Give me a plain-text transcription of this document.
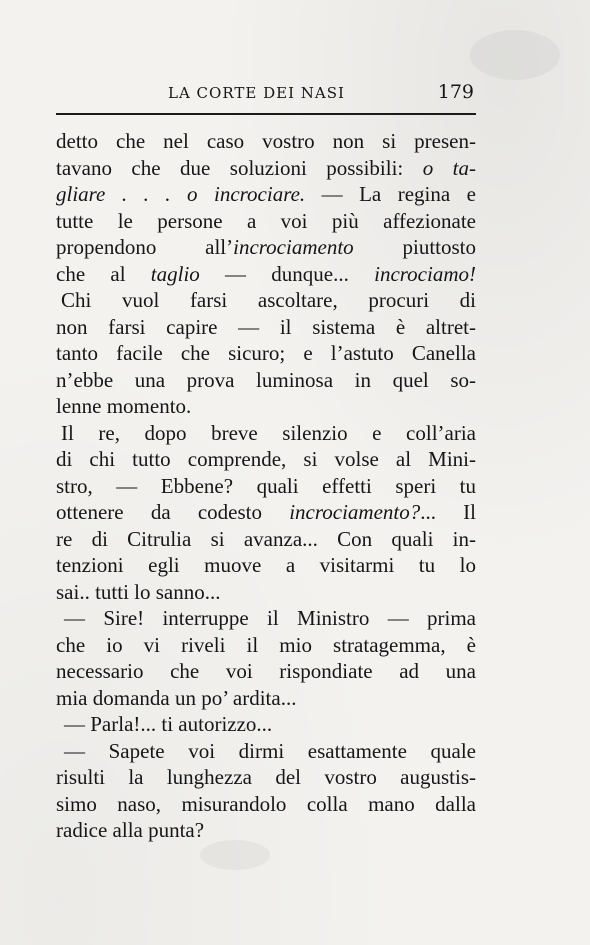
LA CORTE DEI NASI	179
detto che nel caso vostro non si presen-
tavano che due soluzioni possibili: o ta-
gliare . . . o incrociare. — La regina e
tutte le persone a voi più affezionate
propendono all’incrociamento piuttosto
che al taglio — dunque... incrociamo!
Chi vuol farsi ascoltare, procuri di
non farsi capire — il sistema è altret-
tanto facile che sicuro; e l’astuto Canella
n’ebbe una prova luminosa in quel so-
lenne momento.
Il re, dopo breve silenzio e coll’aria
di chi tutto comprende, si volse al Mini-
stro, — Ebbene? quali effetti speri tu
ottenere da codesto incrociamento?... Il
re di Citrulia si avanza... Con quali in-
tenzioni egli muove a visitarmi tu lo
sai.. tutti lo sanno...
— Sire! interruppe il Ministro — prima
che io vi riveli il mio stratagemma, è
necessario che voi rispondiate ad una
mia domanda un po’ ardita...
— Parla!... ti autorizzo...
— Sapete voi dirmi esattamente quale
risulti la lunghezza del vostro augustis-
simo naso, misurandolo colla mano dalla
radice alla punta?
